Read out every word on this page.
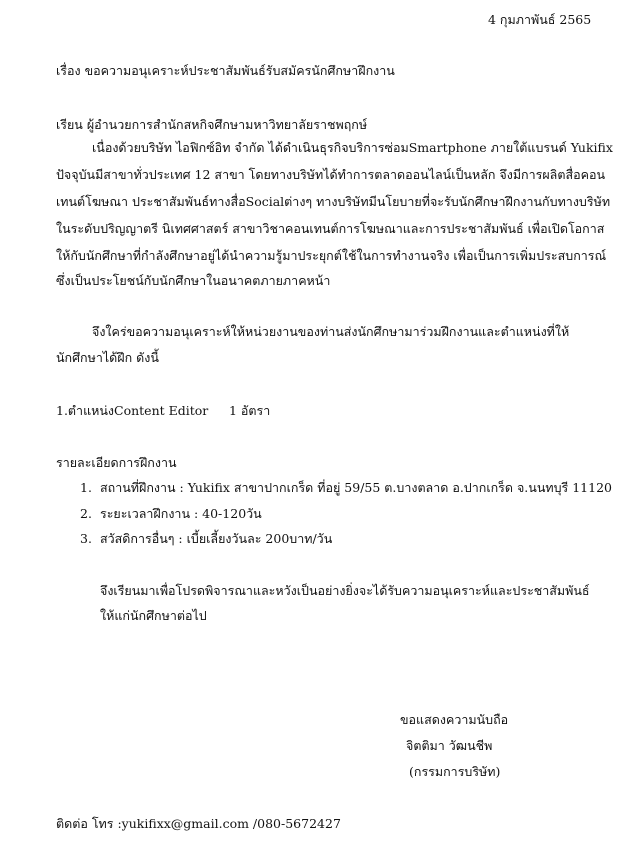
4 กุมภาพันธ์ 2565
เรื่อง ขอความอนุเคราะห์ประชาสัมพันธ์รับสมัครนักศึกษาฝึกงาน
เรียน ผู้อำนวยการสำนักสหกิจศึกษามหาวิทยาลัยราชพฤกษ์
เนื่องด้วยบริษัท ไอฟิกซ์อิท จำกัด ได้ดำเนินธุรกิจบริการซ่อมSmartphone ภายใต้แบรนด์ Yukifix
ปัจจุบันมีสาขาทั่วประเทศ 12 สาขา โดยทางบริษัทได้ทำการตลาดออนไลน์เป็นหลัก จึงมีการผลิตสื่อคอน
เทนต์โฆษณา ประชาสัมพันธ์ทางสื่อSocialต่างๆ ทางบริษัทมีนโยบายที่จะรับนักศึกษาฝึกงานกับทางบริษัท
ในระดับปริญญาตรี นิเทศศาสตร์ สาขาวิชาคอนเทนต์การโฆษณาและการประชาสัมพันธ์ เพื่อเปิดโอกาส
ให้กับนักศึกษาที่กำลังศึกษาอยู่ได้นำความรู้มาประยุกต์ใช้ในการทำงานจริง เพื่อเป็นการเพิ่มประสบการณ์
ซึ่งเป็นประโยชน์กับนักศึกษาในอนาคตภายภาคหน้า
จึงใคร่ขอความอนุเคราะห์ให้หน่วยงานของท่านส่งนักศึกษามาร่วมฝึกงานและตำแหน่งที่ให้
นักศึกษาได้ฝึก ดังนี้
1.ตำแหน่งContent Editor 1 อัตรา
รายละเอียดการฝึกงาน
1. สถานที่ฝึกงาน : Yukifix สาขาปากเกร็ด ที่อยู่ 59/55 ต.บางตลาด อ.ปากเกร็ด จ.นนทบุรี 11120
2. ระยะเวลาฝึกงาน : 40-120วัน
3. สวัสดิการอื่นๆ : เบี้ยเลี้ยงวันละ 200บาท/วัน
จึงเรียนมาเพื่อโปรดพิจารณาและหวังเป็นอย่างยิ่งจะได้รับความอนุเคราะห์และประชาสัมพันธ์
ให้แก่นักศึกษาต่อไป
ขอแสดงความนับถือ
จิตติมา วัฒนชีพ
(กรรมการบริษัท)
ติดต่อ โทร :yukifixx@gmail.com /080-5672427
